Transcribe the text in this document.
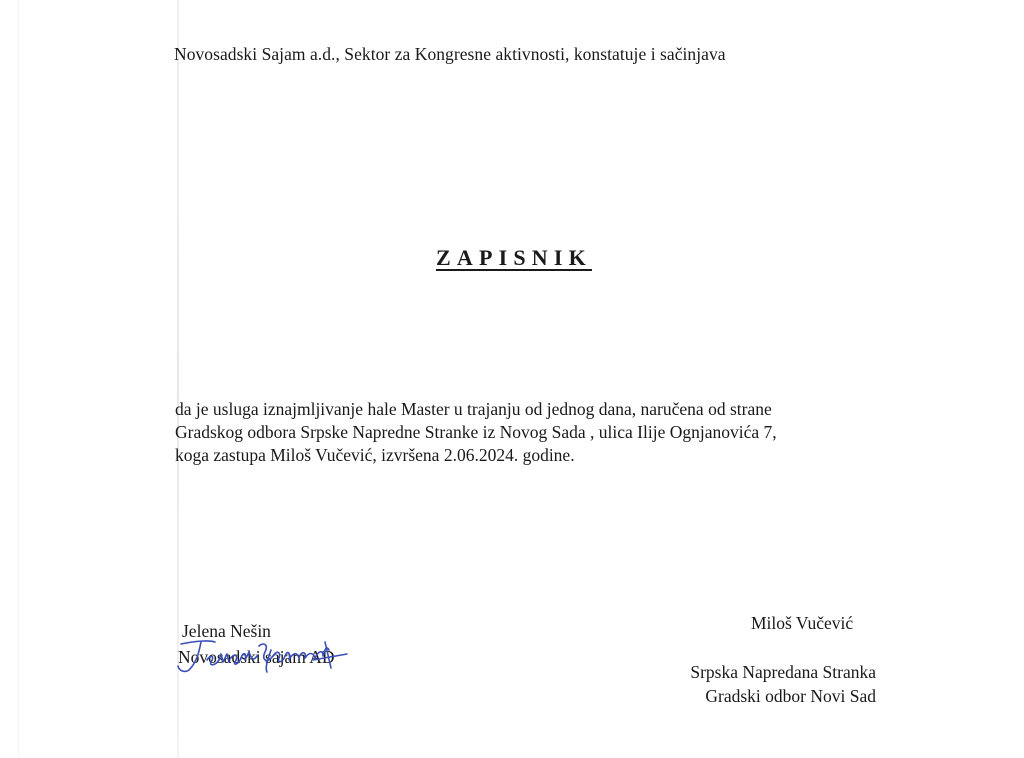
Novosadski Sajam a.d., Sektor za Kongresne aktivnosti, konstatuje i sačinjava
ZAPISNIK
da je usluga iznajmljivanje hale Master u trajanju od jednog dana, naručena od strane
Gradskog odbora Srpske Napredne Stranke iz Novog Sada , ulica Ilije Ognjanovića 7,
koga zastupa Miloš Vučević, izvršena 2.06.2024. godine.
Jelena Nešin
Novosadski sajam AD
Miloš Vučević
Srpska Napredana Stranka
Gradski odbor Novi Sad
